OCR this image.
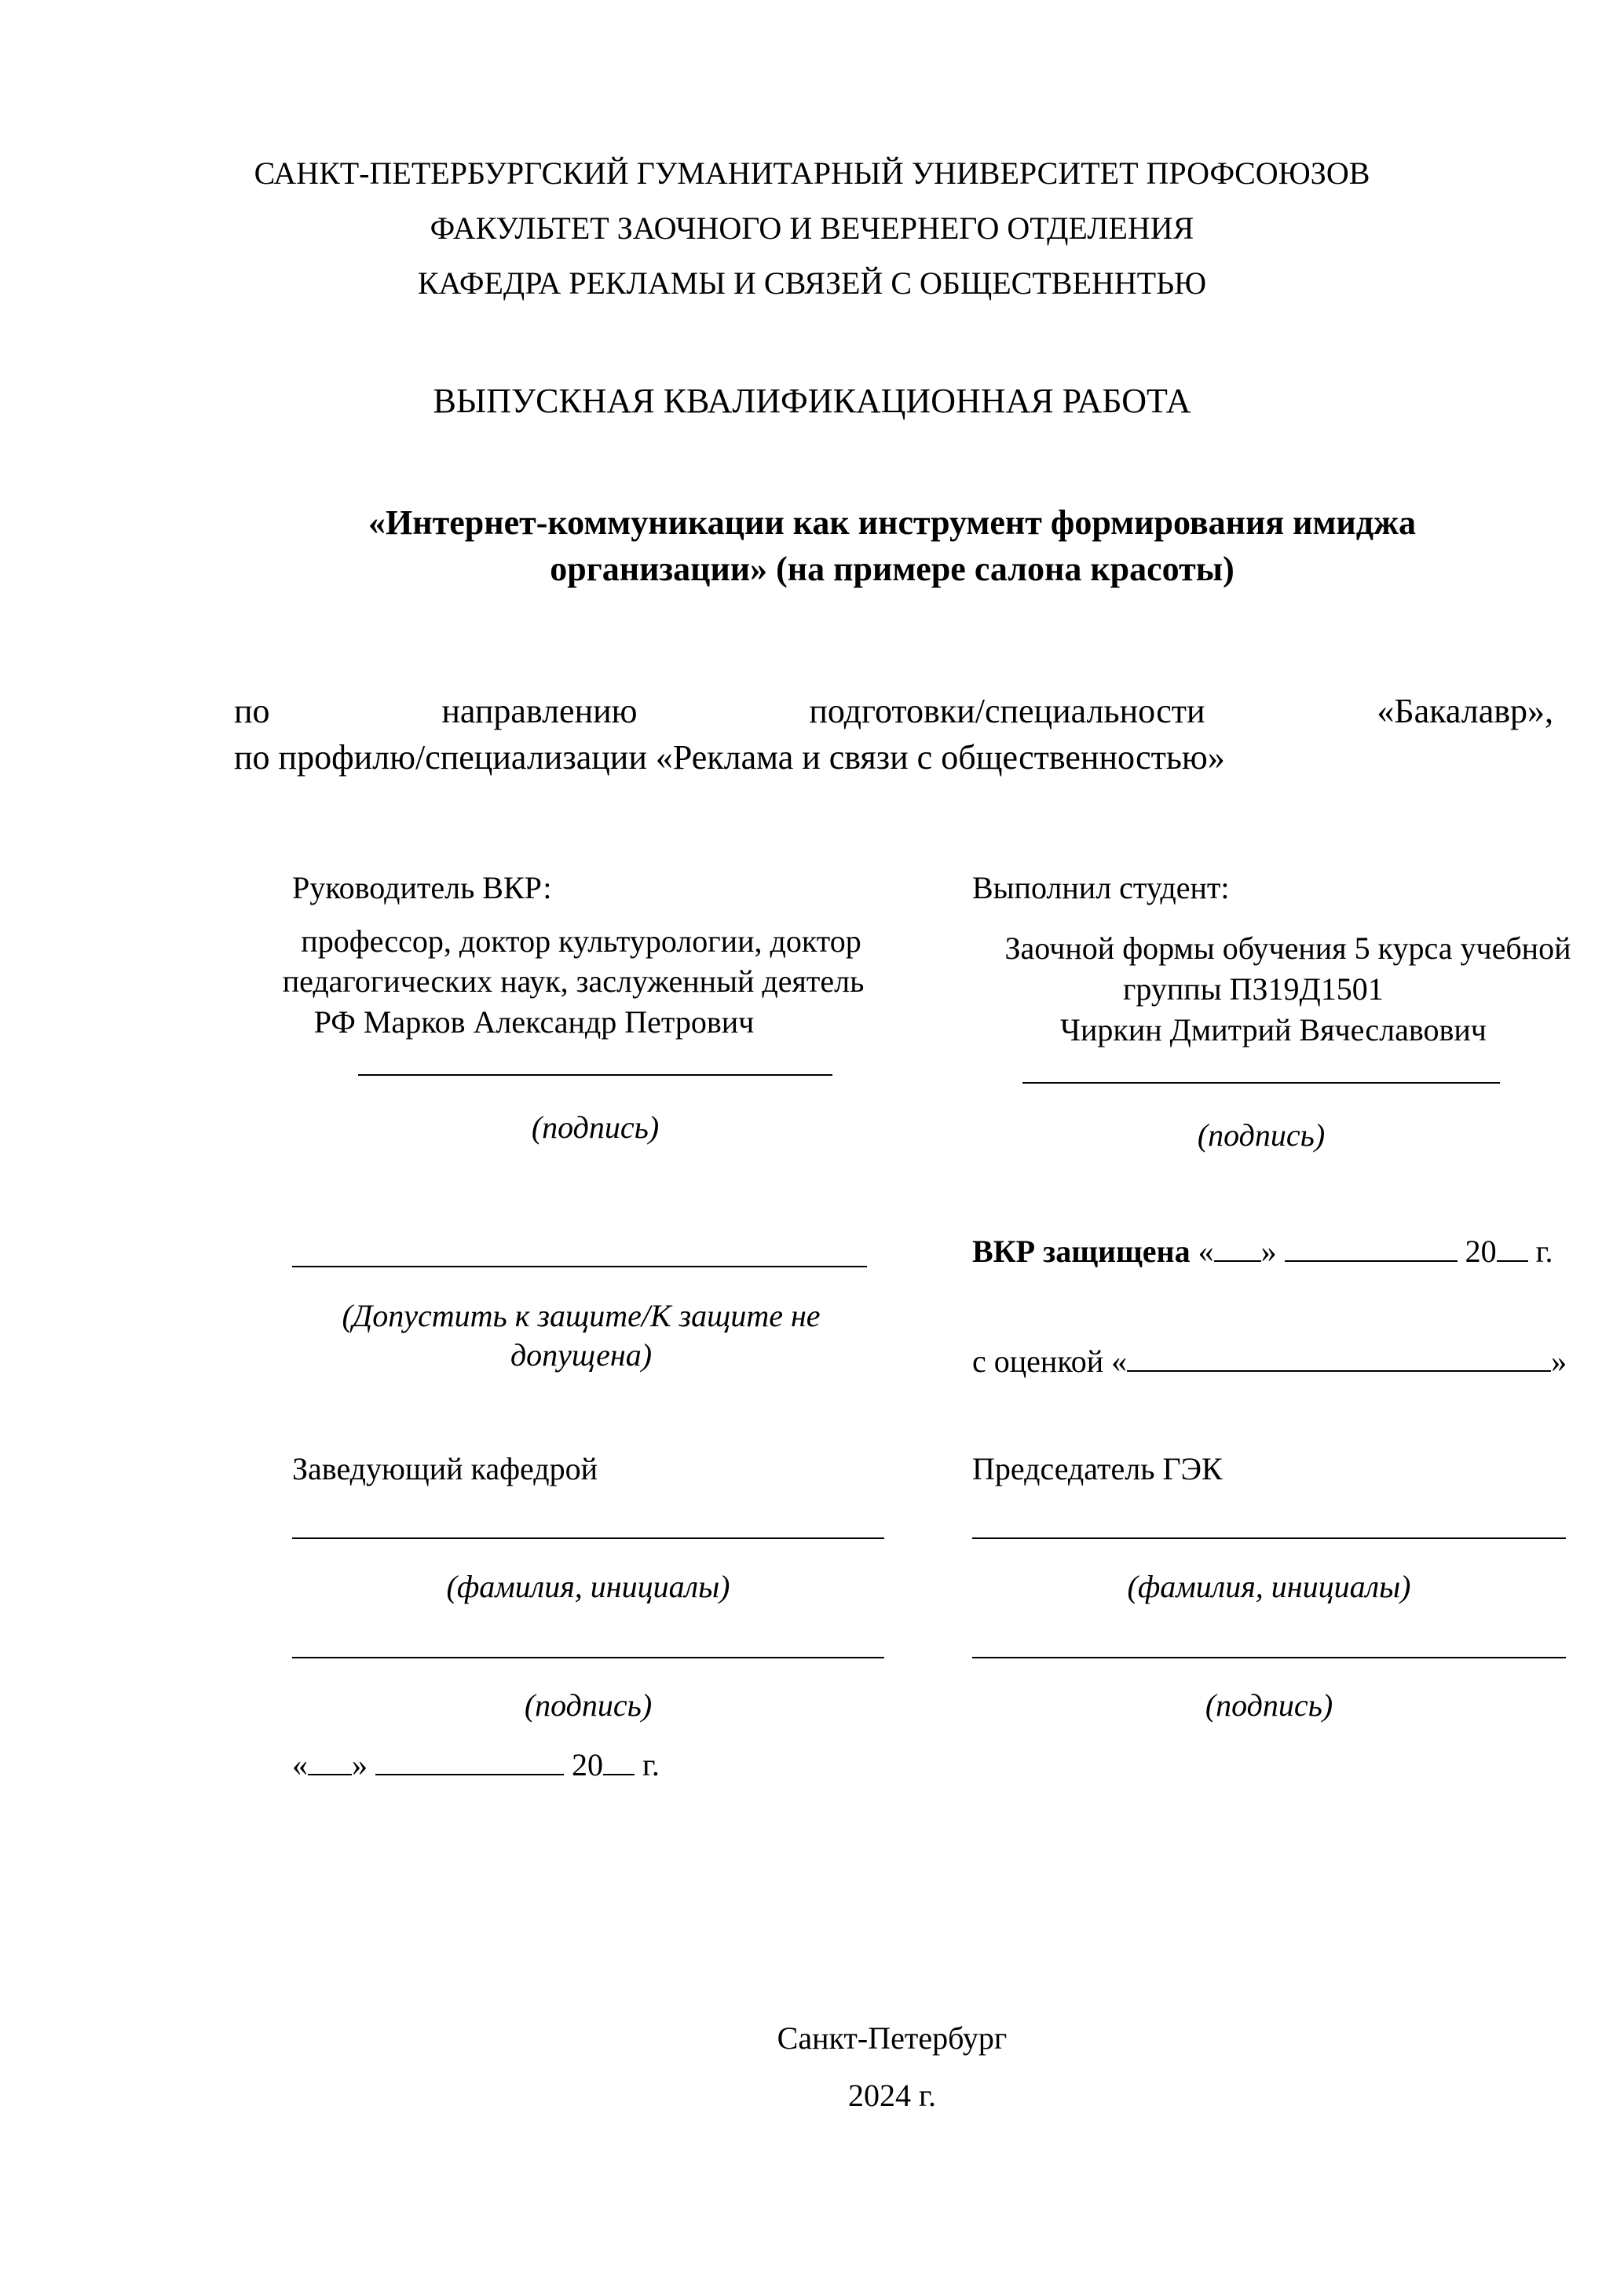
САНКТ-ПЕТЕРБУРГСКИЙ ГУМАНИТАРНЫЙ УНИВЕРСИТЕТ ПРОФСОЮЗОВ
ФАКУЛЬТЕТ ЗАОЧНОГО И ВЕЧЕРНЕГО ОТДЕЛЕНИЯ
КАФЕДРА РЕКЛАМЫ И СВЯЗЕЙ С ОБЩЕСТВЕННТЬЮ
ВЫПУСКНАЯ КВАЛИФИКАЦИОННАЯ РАБОТА
«Интернет-коммуникации как инструмент формирования имиджа
организации» (на примере салона красоты)
по	направлению	подготовки/специальности	«Бакалавр»,
по профилю/специализации «Реклама и связи с общественностью»
Руководитель ВКР:
профессор, доктор культурологии, доктор
педагогических наук, заслуженный деятель
РФ Марков Александр Петрович
(подпись)
Выполнил студент:
Заочной формы обучения 5 курса учебной
группы ПЗ19Д1501
Чиркин Дмитрий Вячеславович
(подпись)
(Допустить к защите/К защите не
допущена)
ВКР защищена « »	20 г.
с оценкой «	»
Заведующий кафедрой
(фамилия, инициалы)
(подпись)
« »	20 г.
Председатель ГЭК
(фамилия, инициалы)
(подпись)
Санкт-Петербург
2024 г.
